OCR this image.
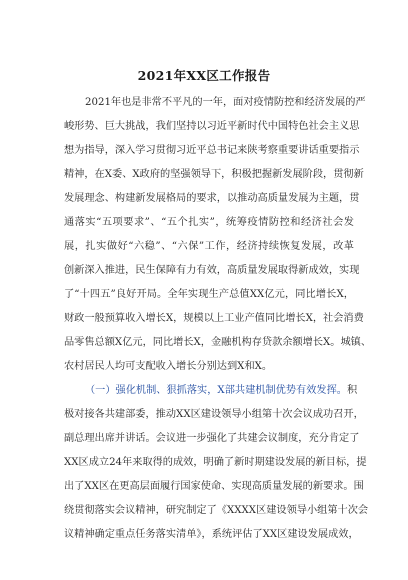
2021年XX区工作报告
2021年也是非常不平凡的一年，面对疫情防控和经济发展的严
峻形势、巨大挑战，我们坚持以习近平新时代中国特色社会主义思
想为指导，深入学习贯彻习近平总书记来陕考察重要讲话重要指示
精神，在X委、X政府的坚强领导下，积极把握新发展阶段，贯彻新
发展理念、构建新发展格局的要求，以推动高质量发展为主题，贯
通落实“五项要求”、“五个扎实”，统筹疫情防控和经济社会发
展，扎实做好“六稳”、“六保”工作，经济持续恢复发展，改革
创新深入推进，民生保障有力有效，高质量发展取得新成效，实现
了“十四五”良好开局。全年实现生产总值XX亿元，同比增长X，
财政一般预算收入增长X，规模以上工业产值同比增长X，社会消费
品零售总额X亿元，同比增长X，金融机构存贷款余额增长X。城镇、
农村居民人均可支配收入增长分别达到X和X。
（一）强化机制、狠抓落实，X部共建机制优势有效发挥。积
极对接各共建部委，推动XX区建设领导小组第十次会议成功召开，
副总理出席并讲话。会议进一步强化了共建会议制度，充分肯定了
XX区成立24年来取得的成效，明确了新时期建设发展的新目标，提
出了XX区在更高层面履行国家使命、实现高质量发展的新要求。围
绕贯彻落实会议精神，研究制定了《XXXX区建设领导小组第十次会
议精神确定重点任务落实清单》，系统评估了XX区建设发展成效，
